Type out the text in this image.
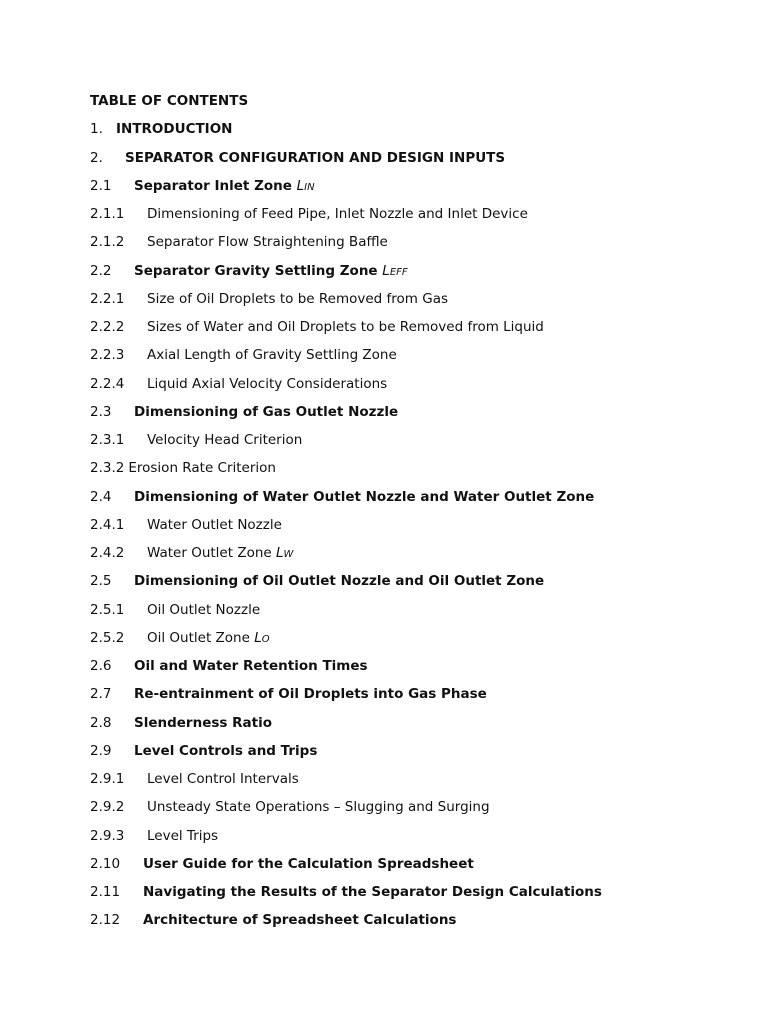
TABLE OF CONTENTS
1. INTRODUCTION
2. SEPARATOR CONFIGURATION AND DESIGN INPUTS
2.1 Separator Inlet Zone LIN
2.1.1 Dimensioning of Feed Pipe, Inlet Nozzle and Inlet Device
2.1.2 Separator Flow Straightening Baffle
2.2 Separator Gravity Settling Zone LEFF
2.2.1 Size of Oil Droplets to be Removed from Gas
2.2.2 Sizes of Water and Oil Droplets to be Removed from Liquid
2.2.3 Axial Length of Gravity Settling Zone
2.2.4 Liquid Axial Velocity Considerations
2.3 Dimensioning of Gas Outlet Nozzle
2.3.1 Velocity Head Criterion
2.3.2 Erosion Rate Criterion
2.4 Dimensioning of Water Outlet Nozzle and Water Outlet Zone
2.4.1 Water Outlet Nozzle
2.4.2 Water Outlet Zone LW
2.5 Dimensioning of Oil Outlet Nozzle and Oil Outlet Zone
2.5.1 Oil Outlet Nozzle
2.5.2 Oil Outlet Zone LO
2.6 Oil and Water Retention Times
2.7 Re-entrainment of Oil Droplets into Gas Phase
2.8 Slenderness Ratio
2.9 Level Controls and Trips
2.9.1 Level Control Intervals
2.9.2 Unsteady State Operations – Slugging and Surging
2.9.3 Level Trips
2.10 User Guide for the Calculation Spreadsheet
2.11 Navigating the Results of the Separator Design Calculations
2.12 Architecture of Spreadsheet Calculations
